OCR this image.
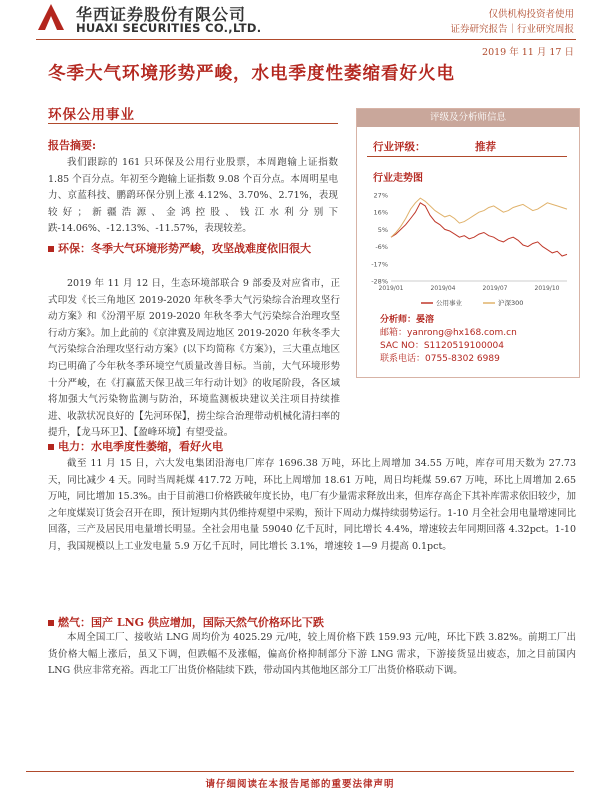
华西证券股份有限公司
HUAXI SECURITIES CO.,LTD.
仅供机构投资者使用
证券研究报告｜行业研究周报
2019 年 11 月 17 日
冬季大气环境形势严峻，水电季度性萎缩看好火电
环保公用事业
报告摘要:
我们跟踪的 161 只环保及公用行业股票，本周跑输上证指数 1.85 个百分点。年初至今跑输上证指数 9.08 个百分点。本周明星电力、京蓝科技、鹏鹞环保分别上涨 4.12%、3.70%、2.71%，表现较好；新疆浩源、金鸿控股、钱江水利分别下跌-14.06%、-12.13%、-11.57%，表现较差。
环保：冬季大气环境形势严峻，攻坚战难度依旧很大
2019 年 11 月 12 日，生态环境部联合 9 部委及对应省市，正式印发《长三角地区 2019-2020 年秋冬季大气污染综合治理攻坚行动方案》和《汾渭平原 2019-2020 年秋冬季大气污染综合治理攻坚行动方案》。加上此前的《京津冀及周边地区 2019-2020 年秋冬季大气污染综合治理攻坚行动方案》(以下均简称《方案》)，三大重点地区均已明确了今年秋冬季环境空气质量改善目标。当前，大气环境形势十分严峻，在《打赢蓝天保卫战三年行动计划》的收尾阶段，各区域将加强大气污染物监测与防治，环境监测板块建议关注项目持续推进、收款状况良好的【先河环保】，捞尘综合治理带动机械化清扫率的提升，【龙马环卫】、【盈峰环境】有望受益。
电力：水电季度性萎缩，看好火电
截至 11 月 15 日，六大发电集团沿海电厂库存 1696.38 万吨，环比上周增加 34.55 万吨，库存可用天数为 27.73 天，同比减少 4 天。同时当周耗煤 417.72 万吨，环比上周增加 18.61 万吨，周日均耗煤 59.67 万吨，环比上周增加 2.65 万吨，同比增加 15.3%。由于目前港口价格跌破年度长协，电厂有少量需求释放出来，但库存高企下其补库需求依旧较少，加之年度煤炭订货会召开在即，预计短期内其仍维持观望中采购，预计下周动力煤持续弱势运行。1-10 月全社会用电量增速同比回落，三产及居民用电量增长明显。全社会用电量 59040 亿千瓦时，同比增长 4.4%，增速较去年同期回落 4.32pct。1-10 月，我国规模以上工业发电量 5.9 万亿千瓦时，同比增长 3.1%，增速较 1—9 月提高 0.1pct。
燃气：国产 LNG 供应增加，国际天然气价格环比下跌
本周全国工厂、接收站 LNG 周均价为 4025.29 元/吨，较上周价格下跌 159.93 元/吨，环比下跌 3.82%。前期工厂出货价格大幅上涨后，虽又下调，但跌幅不及涨幅，偏高价格抑制部分下游 LNG 需求，下游接货显出疲态，加之目前国内 LNG 供应非常充裕。西北工厂出货价格陆续下跌，带动国内其他地区部分工厂出货价格联动下调。
评级及分析师信息
行业评级：	推荐
行业走势图
27%
16%
5%
-6%
-17%
-28%
2019/01	2019/04	2019/07	2019/10
公用事业	沪深300
分析师：晏溶
邮箱：yanrong@hx168.com.cn
SAC NO：S1120519100004
联系电话：0755-8302 6989
请仔细阅读在本报告尾部的重要法律声明
